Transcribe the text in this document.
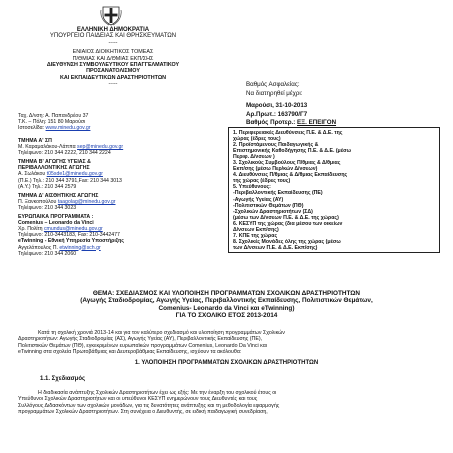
ΕΛΛΗΝΙΚΗ ΔΗΜΟΚΡΑΤΙΑ
ΥΠΟΥΡΓΕΙΟ ΠΑΙΔΕΙΑΣ ΚΑΙ ΘΡΗΣΚΕΥΜΑΤΩΝ
-----
ΕΝΙΑΙΟΣ ΔΙΟΙΚΗΤΙΚΟΣ ΤΟΜΕΑΣ
Π/ΘΜΙΑΣ ΚΑΙ Δ/ΘΜΙΑΣ ΕΚΠ/ΣΗΣ
ΔΙΕΥΘΥΝΣΗ ΣΥΜΒΟΥΛΕΥΤΙΚΟΥ ΕΠΑΓΓΕΛΜΑΤΙΚΟΥ
ΠΡΟΣΑΝΑΤΟΛΙΣΜΟΥ
ΚΑΙ ΕΚΠΑΙΔΕΥΤΙΚΩΝ ΔΡΑΣΤΗΡΙΟΤΗΤΩΝ
-----
Ταχ. Δ/νση: Α. Παπανδρέου 37
Τ.Κ. – Πόλη: 151 80 Μαρούσι
Ιστοσελίδα: www.minedu.gov.gr
Βαθμός Ασφαλείας:
Να διατηρηθεί μέχρι:
Μαρούσι, 31-10-2013
Αρ.Πρωτ.: 163790/Γ7
Βαθμός Προτερ.: ΕΞ. ΕΠΕΙΓΟΝ
ΤΜΗΜΑ Α' ΣΠ
Μ. Καραμαλάκου-Λάππα sep@minedu.gov.gr
Τηλέφωνο: 210 344 2222, 210 344 2224
ΤΜΗΜΑ Β' ΑΓΩΓΗΣ ΥΓΕΙΑΣ &
ΠΕΡΙΒΑΛΛΟΝΤΙΚΗΣ ΑΓΩΓΗΣ
Α. Σωλάκου t05sde1@minedu.gov.gr
(Π.Ε.) Τηλ.: 210 344 3791,Fax: 210 344 3013
(Α.Υ.) Τηλ.: 210 344 2579
ΤΜΗΜΑ Δ' ΑΙΣΘΗΤΙΚΗΣ ΑΓΩΓΗΣ
Π. Ξανκοπούλου taagolag@minedu.gov.gr
Τηλέφωνο: 210 344 3023
ΕΥΡΩΠΑΙΚΑ ΠΡΟΓΡΑΜΜΑΤΑ :
Comenius – Leonardo da Vinci
Χρ. Πολίτη cmundus@minedu.gov.gr
Τηλέφωνο: 210-3443183, Fax: 210-3442477
eTwinning - Εθνική Υπηρεσία Υποστήριξης
Αγγελόπουλος Π. etwinning@sch.gr
Τηλέφωνο: 210 344 2060
1. Περιφερειακές Διευθύνσεις Π.Ε. & Δ.Ε. της
χώρας (έδρες τους)
2. Προϊστάμενους Παιδαγωγικής &
Επιστημονικής Καθοδήγησης Π.Ε. & Δ.Ε. (μέσω
Περιφ. Δ/νσεων )
3. Σχολικούς Συμβούλους Π/θμιας & Δ/θμιας
Εκπ/σης (μέσω Περ/κών Δ/νσεων)
4. Διευθύνσεις Π/θμιας & Δ/θμιας Εκπαίδευσης
της χώρας (έδρες τους)
5. Υπεύθυνους:
-Περιβαλλοντικής Εκπαίδευσης (ΠΕ)
-Αγωγής Υγείας (ΑΥ)
-Πολιτιστικών Θεμάτων (ΠΘ)
-Σχολικών Δραστηριοτήτων (ΣΔ)
(μέσω των Δ/νσεων Π.Ε. & Δ.Ε. της χώρας)
6. ΚΕΣΥΠ της χώρας (δια μέσου των οικείων
Δ/νσεων Εκπ/σης)
7. ΚΠΕ της χώρας
8. Σχολικές Μονάδες όλης της χώρας (μέσω
των Δ/νσεων Π.Ε. & Δ.Ε. Εκπ/σης)
ΘΕΜΑ: ΣΧΕΔΙΑΣΜΟΣ ΚΑΙ ΥΛΟΠΟΙΗΣΗ ΠΡΟΓΡΑΜΜΑΤΩΝ ΣΧΟΛΙΚΩΝ ΔΡΑΣΤΗΡΙΟΤΗΤΩΝ
(Αγωγής Σταδιοδρομίας, Αγωγής Υγείας, Περιβαλλοντικής Εκπαίδευσης, Πολιτιστικών Θεμάτων,
Comenius- Leonardo da Vinci και eTwinning)
ΓΙΑ ΤΟ ΣΧΟΛΙΚΟ ΕΤΟΣ 2013-2014
Κατά τη σχολική χρονιά 2013-14 και για τον καλύτερο σχεδιασμό και υλοποίηση προγραμμάτων Σχολικών
Δραστηριοτήτων: Αγωγής Σταδιοδρομίας (ΑΣ), Αγωγής Υγείας (ΑΥ), Περιβαλλοντικής Εκπαίδευσης (ΠΕ),
Πολιτιστικών Θεμάτων (ΠΘ), εγκεκριμένων ευρωπαϊκών προγραμμάτων Comenius, Leonardo Da Vinci και
eTwinning στα σχολεία Πρωτοβάθμιας και Δευτεροβάθμιας Εκπαίδευσης, ισχύουν τα ακόλουθα:
1. ΥΛΟΠΟΙΗΣΗ ΠΡΟΓΡΑΜΜΑΤΩΝ ΣΧΟΛΙΚΩΝ ΔΡΑΣΤΗΡΙΟΤΗΤΩΝ
1.1. Σχεδιασμός
Η διαδικασία ανάπτυξης Σχολικών Δραστηριοτήτων έχει ως εξής: Με την έναρξη του σχολικού έτους οι
Υπεύθυνοι Σχολικών Δραστηριοτήτων και οι υπεύθυνοι ΚΕΣΥΠ ενημερώνουν τους Διευθυντές και τους
Συλλόγους Διδασκόντων των σχολικών μονάδων, για τις δυνατότητες ανάπτυξης και τη μεθοδολογία εφαρμογής
προγραμμάτων Σχολικών Δραστηριοτήτων. Στη συνέχεια ο Διευθυντής, σε ειδική παιδαγωγική συνεδρίαση,
